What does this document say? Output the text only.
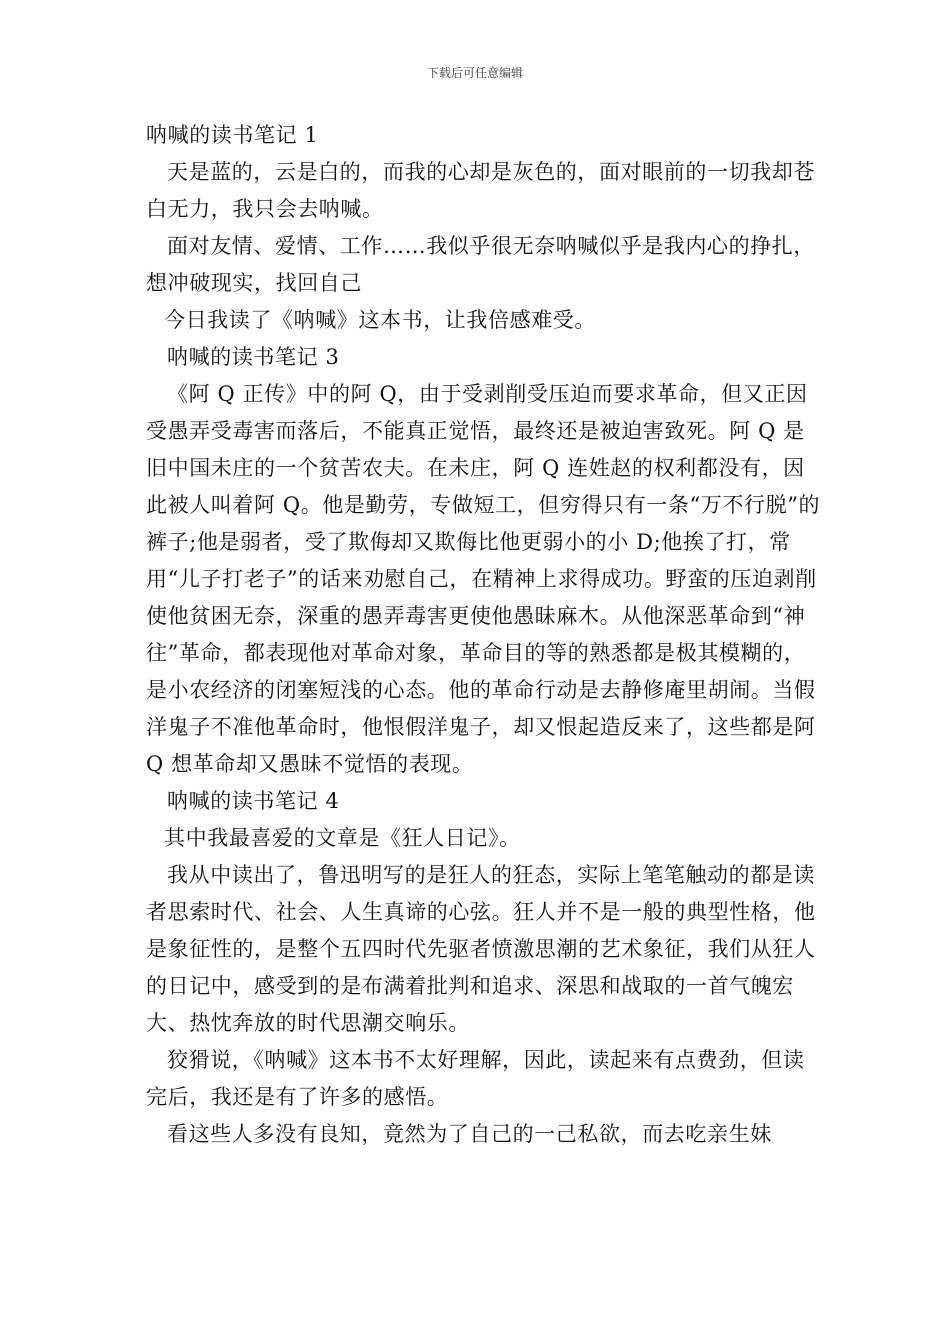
下载后可任意编辑

呐喊的读书笔记 1

天是蓝的，云是白的，而我的心却是灰色的，面对眼前的一切我却苍白无力，我只会去呐喊。

面对友情、爱情、工作……我似乎很无奈呐喊似乎是我内心的挣扎，想冲破现实，找回自己

今日我读了《呐喊》这本书，让我倍感难受。

呐喊的读书笔记 3

《阿 Q 正传》中的阿 Q，由于受剥削受压迫而要求革命，但又正因受愚弄受毒害而落后，不能真正觉悟，最终还是被迫害致死。阿 Q 是旧中国未庄的一个贫苦农夫。在未庄，阿 Q 连姓赵的权利都没有，因此被人叫着阿 Q。他是勤劳，专做短工，但穷得只有一条“万不行脱”的裤子;他是弱者，受了欺侮却又欺侮比他更弱小的小 D;他挨了打，常用“儿子打老子”的话来劝慰自己，在精神上求得成功。野蛮的压迫剥削使他贫困无奈，深重的愚弄毒害更使他愚昧麻木。从他深恶革命到“神往”革命，都表现他对革命对象，革命目的等的熟悉都是极其模糊的，是小农经济的闭塞短浅的心态。他的革命行动是去静修庵里胡闹。当假洋鬼子不准他革命时，他恨假洋鬼子，却又恨起造反来了，这些都是阿 Q 想革命却又愚昧不觉悟的表现。

呐喊的读书笔记 4

其中我最喜爱的文章是《狂人日记》。

我从中读出了，鲁迅明写的是狂人的狂态，实际上笔笔触动的都是读者思索时代、社会、人生真谛的心弦。狂人并不是一般的典型性格，他是象征性的，是整个五四时代先驱者愤激思潮的艺术象征，我们从狂人的日记中，感受到的是布满着批判和追求、深思和战取的一首气魄宏大、热忱奔放的时代思潮交响乐。

狡猾说，《呐喊》这本书不太好理解，因此，读起来有点费劲，但读完后，我还是有了许多的感悟。

看这些人多没有良知，竟然为了自己的一己私欲，而去吃亲生妹
